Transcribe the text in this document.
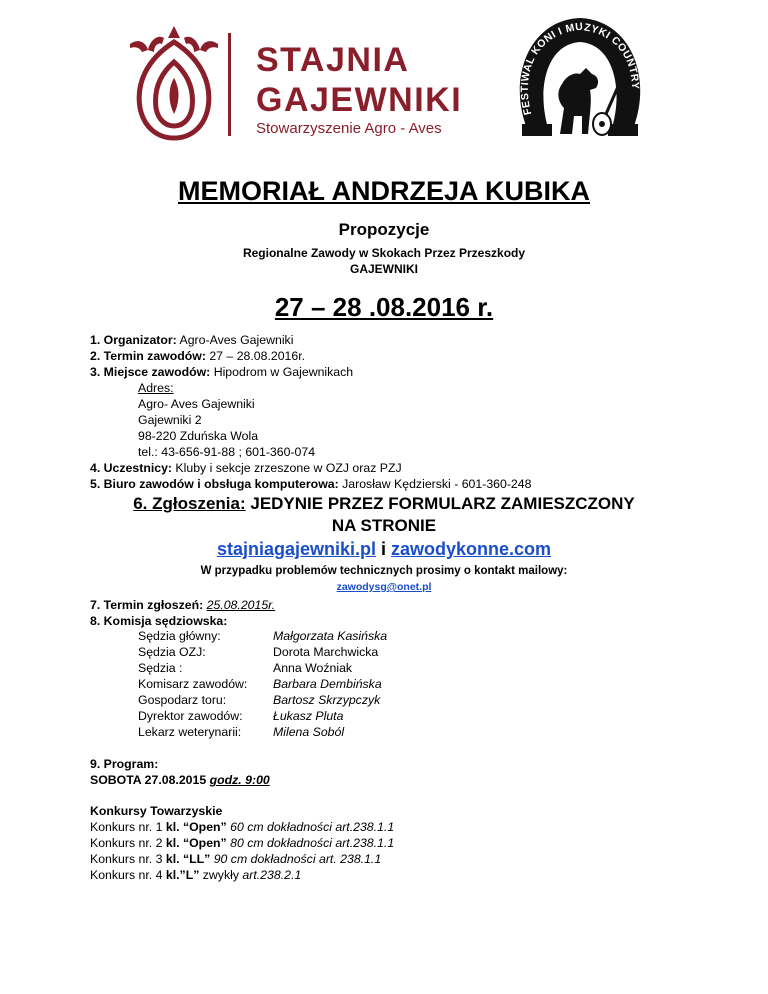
STAJNIA
GAJEWNIKI
Stowarzyszenie Agro - Aves
FESTIWAL KONI I MUZYKI COUNTRY
MEMORIAŁ ANDRZEJA KUBIKA
Propozycje
Regionalne Zawody w Skokach Przez Przeszkody
GAJEWNIKI
27 – 28 .08.2016 r.
1. Organizator: Agro-Aves Gajewniki
2. Termin zawodów: 27 – 28.08.2016r.
3. Miejsce zawodów: Hipodrom w Gajewnikach
Adres:
Agro- Aves Gajewniki
Gajewniki 2
98-220 Zduńska Wola
tel.: 43-656-91-88 ; 601-360-074
4. Uczestnicy: Kluby i sekcje zrzeszone w OZJ oraz PZJ
5. Biuro zawodów i obsługa komputerowa: Jarosław Kędzierski - 601-360-248
6. Zgłoszenia: JEDYNIE PRZEZ FORMULARZ ZAMIESZCZONY
NA STRONIE
stajniagajewniki.pl i zawodykonne.com
W przypadku problemów technicznych prosimy o kontakt mailowy:
zawodysg@onet.pl
7. Termin zgłoszeń: 25.08.2015r.
8. Komisja sędziowska:
Sędzia główny:	Małgorzata Kasińska
Sędzia OZJ:	Dorota Marchwicka
Sędzia :	Anna Woźniak
Komisarz zawodów: Barbara Dembińska
Gospodarz toru:	Bartosz Skrzypczyk
Dyrektor zawodów: Łukasz Pluta
Lekarz weterynarii:	Milena Soból
9. Program:
SOBOTA 27.08.2015 godz. 9:00
Konkursy Towarzyskie
Konkurs nr. 1 kl. “Open” 60 cm dokładności art.238.1.1
Konkurs nr. 2 kl. “Open” 80 cm dokładności art.238.1.1
Konkurs nr. 3 kl. “LL” 90 cm dokładności art. 238.1.1
Konkurs nr. 4 kl.”L” zwykły art.238.2.1
